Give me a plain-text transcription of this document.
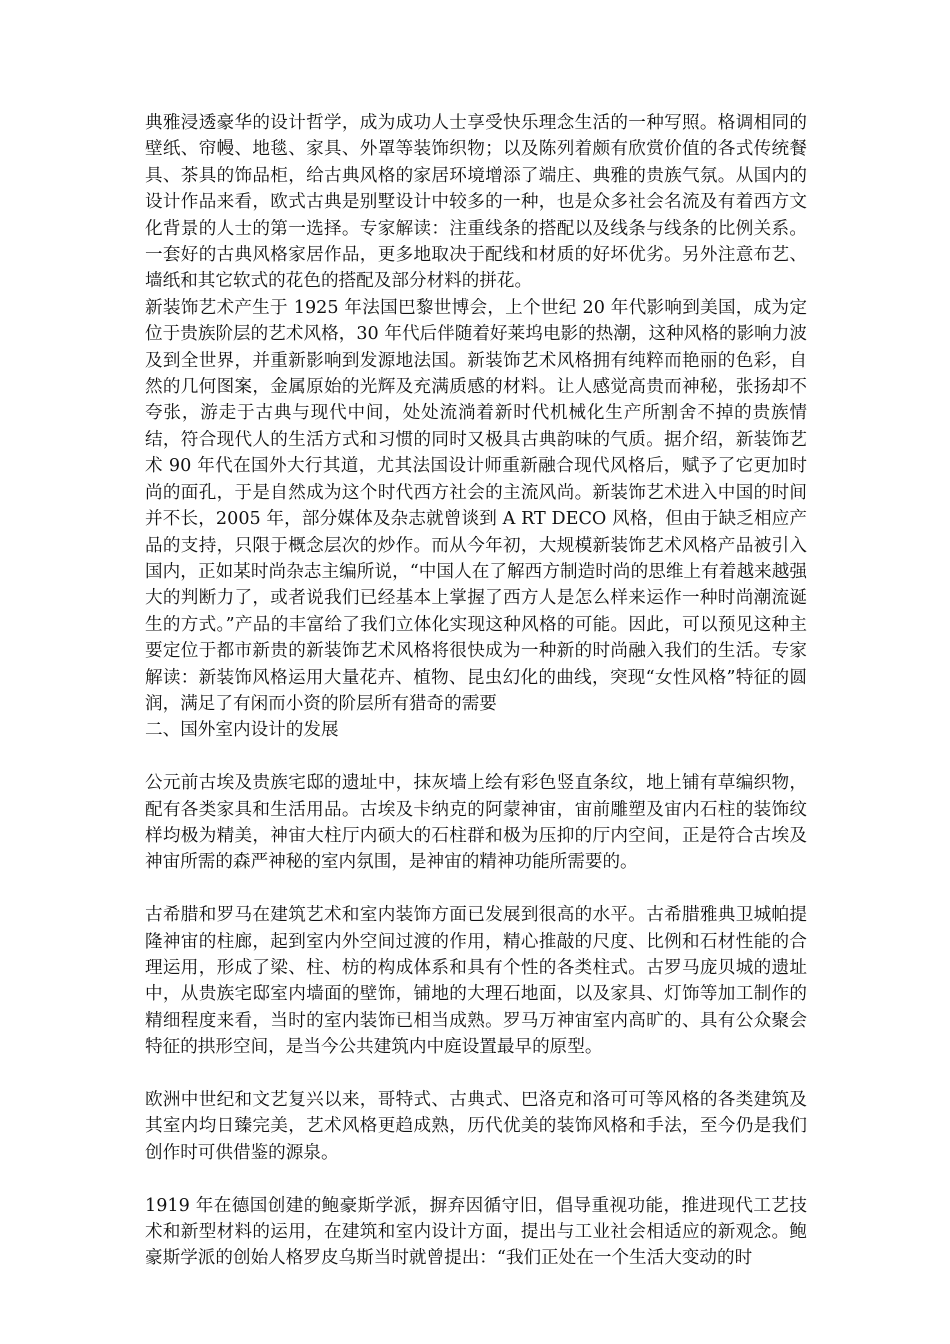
典雅浸透豪华的设计哲学，成为成功人士享受快乐理念生活的一种写照。格调相同的壁纸、帘幔、地毯、家具、外罩等装饰织物；以及陈列着颇有欣赏价值的各式传统餐具、茶具的饰品柜，给古典风格的家居环境增添了端庄、典雅的贵族气氛。从国内的设计作品来看，欧式古典是别墅设计中较多的一种，也是众多社会名流及有着西方文化背景的人士的第一选择。专家解读：注重线条的搭配以及线条与线条的比例关系。一套好的古典风格家居作品，更多地取决于配线和材质的好坏优劣。另外注意布艺、墙纸和其它软式的花色的搭配及部分材料的拼花。

新装饰艺术产生于 1925 年法国巴黎世博会，上个世纪 20 年代影响到美国，成为定位于贵族阶层的艺术风格，30 年代后伴随着好莱坞电影的热潮，这种风格的影响力波及到全世界，并重新影响到发源地法国。新装饰艺术风格拥有纯粹而艳丽的色彩，自然的几何图案，金属原始的光辉及充满质感的材料。让人感觉高贵而神秘，张扬却不夸张，游走于古典与现代中间，处处流淌着新时代机械化生产所割舍不掉的贵族情结，符合现代人的生活方式和习惯的同时又极具古典韵味的气质。据介绍，新装饰艺术 90 年代在国外大行其道，尤其法国设计师重新融合现代风格后，赋予了它更加时尚的面孔，于是自然成为这个时代西方社会的主流风尚。新装饰艺术进入中国的时间并不长，2005 年，部分媒体及杂志就曾谈到 A RT DECO 风格，但由于缺乏相应产品的支持，只限于概念层次的炒作。而从今年初，大规模新装饰艺术风格产品被引入国内，正如某时尚杂志主编所说，“中国人在了解西方制造时尚的思维上有着越来越强大的判断力了，或者说我们已经基本上掌握了西方人是怎么样来运作一种时尚潮流诞生的方式。”产品的丰富给了我们立体化实现这种风格的可能。因此，可以预见这种主要定位于都市新贵的新装饰艺术风格将很快成为一种新的时尚融入我们的生活。专家解读：新装饰风格运用大量花卉、植物、昆虫幻化的曲线，突现“女性风格”特征的圆润，满足了有闲而小资的阶层所有猎奇的需要

二、国外室内设计的发展

公元前古埃及贵族宅邸的遗址中，抹灰墙上绘有彩色竖直条纹，地上铺有草编织物，配有各类家具和生活用品。古埃及卡纳克的阿蒙神宙，宙前雕塑及宙内石柱的装饰纹样均极为精美，神宙大柱厅内硕大的石柱群和极为压抑的厅内空间，正是符合古埃及神宙所需的森严神秘的室内氛围，是神宙的精神功能所需要的。

古希腊和罗马在建筑艺术和室内装饰方面已发展到很高的水平。古希腊雅典卫城帕提隆神宙的柱廊，起到室内外空间过渡的作用，精心推敲的尺度、比例和石材性能的合理运用，形成了梁、柱、枋的构成体系和具有个性的各类柱式。古罗马庞贝城的遗址中，从贵族宅邸室内墙面的壁饰，铺地的大理石地面，以及家具、灯饰等加工制作的精细程度来看，当时的室内装饰已相当成熟。罗马万神宙室内高旷的、具有公众聚会特征的拱形空间，是当今公共建筑内中庭设置最早的原型。

欧洲中世纪和文艺复兴以来，哥特式、古典式、巴洛克和洛可可等风格的各类建筑及其室内均日臻完美，艺术风格更趋成熟，历代优美的装饰风格和手法，至今仍是我们创作时可供借鉴的源泉。

1919 年在德国创建的鲍豪斯学派，摒弃因循守旧，倡导重视功能，推进现代工艺技术和新型材料的运用，在建筑和室内设计方面，提出与工业社会相适应的新观念。鲍豪斯学派的创始人格罗皮乌斯当时就曾提出：“我们正处在一个生活大变动的时
